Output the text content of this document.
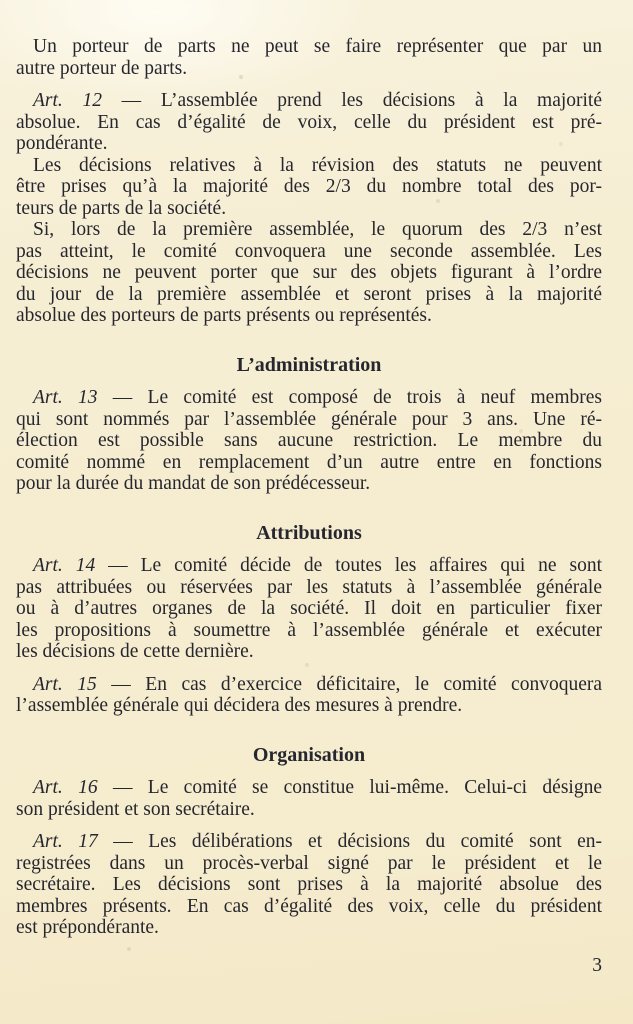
Un porteur de parts ne peut se faire représenter que par un
autre porteur de parts.
Art. 12 — L’assemblée prend les décisions à la majorité
absolue. En cas d’égalité de voix, celle du président est pré-
pondérante.
Les décisions relatives à la révision des statuts ne peuvent
être prises qu’à la majorité des 2/3 du nombre total des por-
teurs de parts de la société.
Si, lors de la première assemblée, le quorum des 2/3 n’est
pas atteint, le comité convoquera une seconde assemblée. Les
décisions ne peuvent porter que sur des objets figurant à l’ordre
du jour de la première assemblée et seront prises à la majorité
absolue des porteurs de parts présents ou représentés.
L’administration
Art. 13 — Le comité est composé de trois à neuf membres
qui sont nommés par l’assemblée générale pour 3 ans. Une ré-
élection est possible sans aucune restriction. Le membre du
comité nommé en remplacement d’un autre entre en fonctions
pour la durée du mandat de son prédécesseur.
Attributions
Art. 14 — Le comité décide de toutes les affaires qui ne sont
pas attribuées ou réservées par les statuts à l’assemblée générale
ou à d’autres organes de la société. Il doit en particulier fixer
les propositions à soumettre à l’assemblée générale et exécuter
les décisions de cette dernière.
Art. 15 — En cas d’exercice déficitaire, le comité convoquera
l’assemblée générale qui décidera des mesures à prendre.
Organisation
Art. 16 — Le comité se constitue lui-même. Celui-ci désigne
son président et son secrétaire.
Art. 17 — Les délibérations et décisions du comité sont en-
registrées dans un procès-verbal signé par le président et le
secrétaire. Les décisions sont prises à la majorité absolue des
membres présents. En cas d’égalité des voix, celle du président
est prépondérante.
3
